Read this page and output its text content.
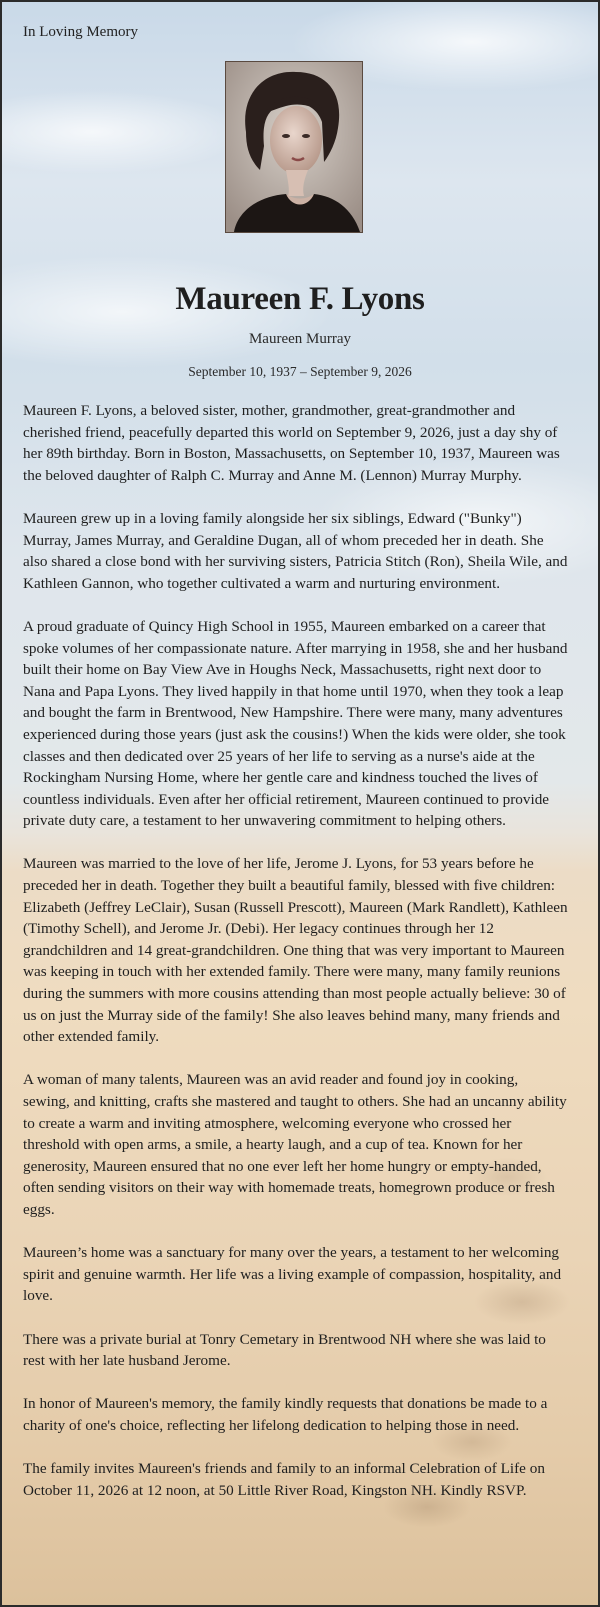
In Loving Memory
Maureen F. Lyons
Maureen Murray
September 10, 1937 – September 9, 2026

Maureen F. Lyons, a beloved sister, mother, grandmother, great-grandmother and cherished friend, peacefully departed this world on September 9, 2026, just a day shy of her 89th birthday. Born in Boston, Massachusetts, on September 10, 1937, Maureen was the beloved daughter of Ralph C. Murray and Anne M. (Lennon) Murray Murphy.

Maureen grew up in a loving family alongside her six siblings, Edward ("Bunky") Murray, James Murray, and Geraldine Dugan, all of whom preceded her in death. She also shared a close bond with her surviving sisters, Patricia Stitch (Ron), Sheila Wile, and Kathleen Gannon, who together cultivated a warm and nurturing environment.

A proud graduate of Quincy High School in 1955, Maureen embarked on a career that spoke volumes of her compassionate nature. After marrying in 1958, she and her husband built their home on Bay View Ave in Houghs Neck, Massachusetts, right next door to Nana and Papa Lyons. They lived happily in that home until 1970, when they took a leap and bought the farm in Brentwood, New Hampshire. There were many, many adventures experienced during those years (just ask the cousins!) When the kids were older, she took classes and then dedicated over 25 years of her life to serving as a nurse's aide at the Rockingham Nursing Home, where her gentle care and kindness touched the lives of countless individuals. Even after her official retirement, Maureen continued to provide private duty care, a testament to her unwavering commitment to helping others.

Maureen was married to the love of her life, Jerome J. Lyons, for 53 years before he preceded her in death. Together they built a beautiful family, blessed with five children: Elizabeth (Jeffrey LeClair), Susan (Russell Prescott), Maureen (Mark Randlett), Kathleen (Timothy Schell), and Jerome Jr. (Debi). Her legacy continues through her 12 grandchildren and 14 great-grandchildren. One thing that was very important to Maureen was keeping in touch with her extended family. There were many, many family reunions during the summers with more cousins attending than most people actually believe: 30 of us on just the Murray side of the family! She also leaves behind many, many friends and other extended family.

A woman of many talents, Maureen was an avid reader and found joy in cooking, sewing, and knitting, crafts she mastered and taught to others. She had an uncanny ability to create a warm and inviting atmosphere, welcoming everyone who crossed her threshold with open arms, a smile, a hearty laugh, and a cup of tea. Known for her generosity, Maureen ensured that no one ever left her home hungry or empty-handed, often sending visitors on their way with homemade treats, homegrown produce or fresh eggs.

Maureen’s home was a sanctuary for many over the years, a testament to her welcoming spirit and genuine warmth. Her life was a living example of compassion, hospitality, and love.

There was a private burial at Tonry Cemetary in Brentwood NH where she was laid to rest with her late husband Jerome.

In honor of Maureen's memory, the family kindly requests that donations be made to a charity of one's choice, reflecting her lifelong dedication to helping those in need.

The family invites Maureen's friends and family to an informal Celebration of Life on October 11, 2026 at 12 noon, at 50 Little River Road, Kingston NH. Kindly RSVP.
